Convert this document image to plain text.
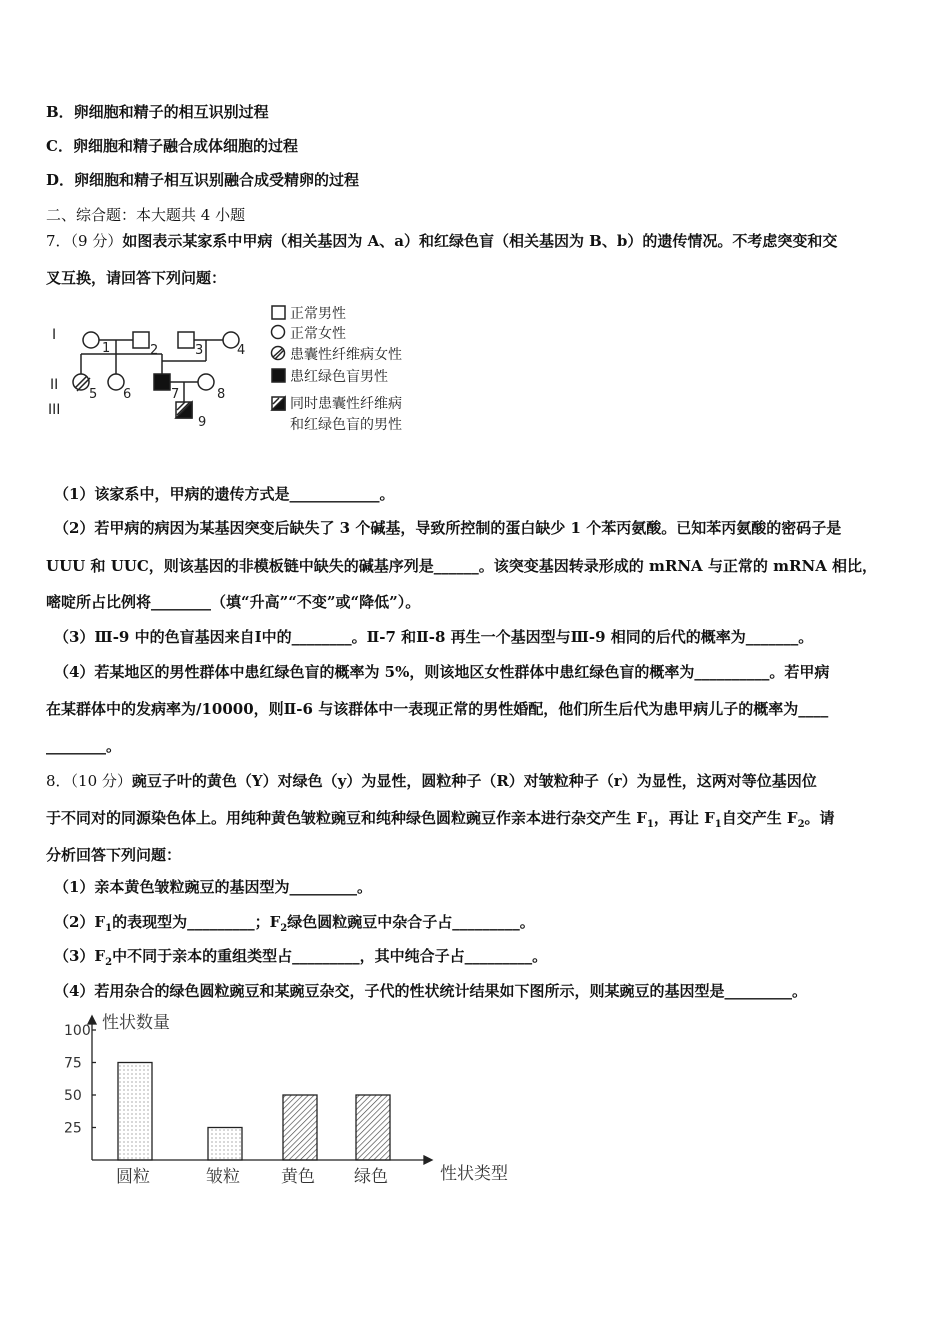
B．卵细胞和精子的相互识别过程
C．卵细胞和精子融合成体细胞的过程
D．卵细胞和精子相互识别融合成受精卵的过程
二、综合题：本大题共 4 小题
7．（9 分）如图表示某家系中甲病（相关基因为 A、a）和红绿色盲（相关基因为 B、b）的遗传情况。不考虑突变和交
叉互换，请回答下列问题：
I
II
III
1	2	3	4
5 6	7	8
9
正常男性
正常女性
患囊性纤维病女性
患红绿色盲男性
同时患囊性纤维病
和红绿色盲的男性
（1）该家系中，甲病的遗传方式是____________。
（2）若甲病的病因为某基因突变后缺失了 3 个碱基，导致所控制的蛋白缺少 1 个苯丙氨酸。已知苯丙氨酸的密码子是
UUU 和 UUC，则该基因的非模板链中缺失的碱基序列是______。该突变基因转录形成的 mRNA 与正常的 mRNA 相比，
嘧啶所占比例将________（填“升高”“不变”或“降低”）。
（3）Ⅲ-9 中的色盲基因来自Ⅰ中的________。Ⅱ-7 和Ⅱ-8 再生一个基因型与Ⅲ-9 相同的后代的概率为_______。
（4）若某地区的男性群体中患红绿色盲的概率为 5%，则该地区女性群体中患红绿色盲的概率为__________。若甲病
在某群体中的发病率为/10000，则Ⅱ-6 与该群体中一表现正常的男性婚配，他们所生后代为患甲病儿子的概率为____
________。
8．（10 分）豌豆子叶的黄色（Y）对绿色（y）为显性，圆粒种子（R）对皱粒种子（r）为显性，这两对等位基因位
于不同对的同源染色体上。用纯种黄色皱粒豌豆和纯种绿色圆粒豌豆作亲本进行杂交产生 $F_1$，再让 $F_1$自交产生 $F_2$。请
分析回答下列问题：
（1）亲本黄色皱粒豌豆的基因型为_________。
$(2)F_1$的表现型为_________；$F_2$绿色圆粒豌豆中杂合子占_________。
$(3)F_2$中不同于亲本的重组类型占_________，其中纯合子占_________。
（4）若用杂合的绿色圆粒豌豆和某豌豆杂交，子代的性状统计结果如下图所示，则某豌豆的基因型是_________。
性状数量
性状类型
25
50
75
100
圆粒	皱粒 黄色 绿色
